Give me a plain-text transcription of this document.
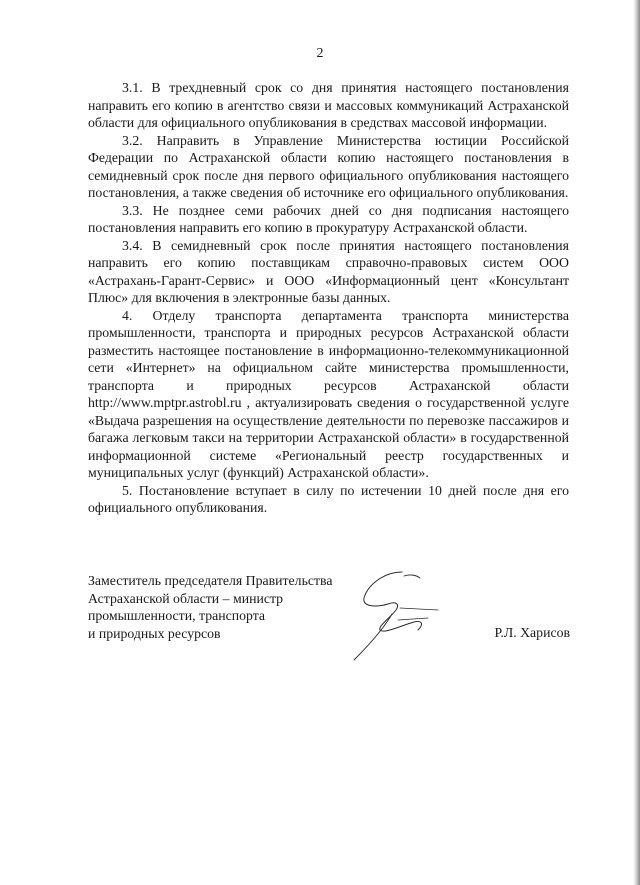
2

3.1. В трехдневный срок со дня принятия настоящего постановления направить его копию в агентство связи и массовых коммуникаций Астраханской области для официального опубликования в средствах массовой информации.

3.2. Направить в Управление Министерства юстиции Российской Федерации по Астраханской области копию настоящего постановления в семидневный срок после дня первого официального опубликования настоящего постановления, а также сведения об источнике его официального опубликования.

3.3. Не позднее семи рабочих дней со дня подписания настоящего постановления направить его копию в прокуратуру Астраханской области.

3.4. В семидневный срок после принятия настоящего постановления направить его копию поставщикам справочно-правовых систем ООО «Астрахань-Гарант-Сервис» и ООО «Информационный цент «Консультант Плюс» для включения в электронные базы данных.

4. Отделу транспорта департамента транспорта министерства промышленности, транспорта и природных ресурсов Астраханской области разместить настоящее постановление в информационно-телекоммуникационной сети «Интернет» на официальном сайте министерства промышленности, транспорта и природных ресурсов Астраханской области http://www.mptpr.astrobl.ru , актуализировать сведения о государственной услуге «Выдача разрешения на осуществление деятельности по перевозке пассажиров и багажа легковым такси на территории Астраханской области» в государственной информационной системе «Региональный реестр государственных и муниципальных услуг (функций) Астраханской области».

5. Постановление вступает в силу по истечении 10 дней после дня его официального опубликования.

Заместитель председателя Правительства
Астраханской области – министр
промышленности, транспорта
и природных ресурсов	Р.Л. Харисов
